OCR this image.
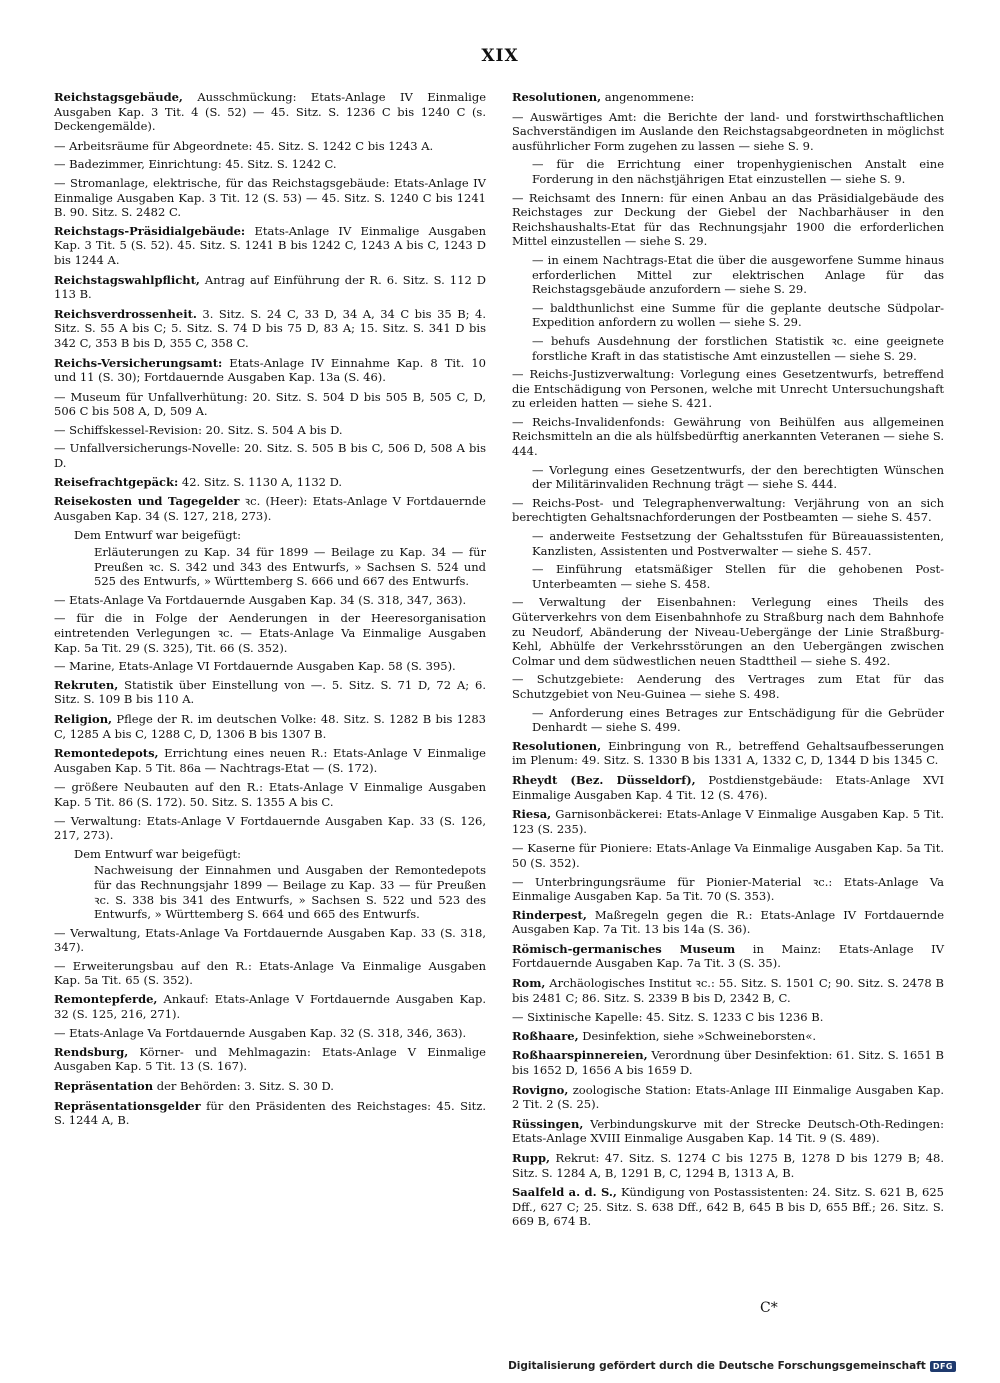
XIX
Reichstagsgebäude, Ausschmückung: Etats-Anlage IV Einmalige Ausgaben Kap. 3 Tit. 4 (S. 52) — 45. Sitz. S. 1236 C bis 1240 C (s. Deckengemälde).
— Arbeitsräume für Abgeordnete: 45. Sitz. S. 1242 C bis 1243 A.
— Badezimmer, Einrichtung: 45. Sitz. S. 1242 C.
— Stromanlage, elektrische, für das Reichstagsgebäude: Etats-Anlage IV Einmalige Ausgaben Kap. 3 Tit. 12 (S. 53) — 45. Sitz. S. 1240 C bis 1241 B. 90. Sitz. S. 2482 C.
Reichstags-Präsidialgebäude: Etats-Anlage IV Einmalige Ausgaben Kap. 3 Tit. 5 (S. 52). 45. Sitz. S. 1241 B bis 1242 C, 1243 A bis C, 1243 D bis 1244 A.
Reichstagswahlpflicht, Antrag auf Einführung der R. 6. Sitz. S. 112 D 113 B.
Reichsverdrossenheit. 3. Sitz. S. 24 C, 33 D, 34 A, 34 C bis 35 B; 4. Sitz. S. 55 A bis C; 5. Sitz. S. 74 D bis 75 D, 83 A; 15. Sitz. S. 341 D bis 342 C, 353 B bis D, 355 C, 358 C.
Reichs-Versicherungsamt: Etats-Anlage IV Einnahme Kap. 8 Tit. 10 und 11 (S. 30); Fortdauernde Ausgaben Kap. 13a (S. 46).
— Museum für Unfallverhütung: 20. Sitz. S. 504 D bis 505 B, 505 C, D, 506 C bis 508 A, D, 509 A.
— Schiffskessel-Revision: 20. Sitz. S. 504 A bis D.
— Unfallversicherungs-Novelle: 20. Sitz. S. 505 B bis C, 506 D, 508 A bis D.
Reisefrachtgepäck: 42. Sitz. S. 1130 A, 1132 D.
Reisekosten und Tagegelder ꝛc. (Heer): Etats-Anlage V Fortdauernde Ausgaben Kap. 34 (S. 127, 218, 273).
Dem Entwurf war beigefügt:
Erläuterungen zu Kap. 34 für 1899 — Beilage zu Kap. 34 — für Preußen ꝛc. S. 342 und 343 des Entwurfs, » Sachsen S. 524 und 525 des Entwurfs, » Württemberg S. 666 und 667 des Entwurfs.
— Etats-Anlage Va Fortdauernde Ausgaben Kap. 34 (S. 318, 347, 363).
— für die in Folge der Aenderungen in der Heeresorganisation eintretenden Verlegungen ꝛc. — Etats-Anlage Va Einmalige Ausgaben Kap. 5a Tit. 29 (S. 325), Tit. 66 (S. 352).
— Marine, Etats-Anlage VI Fortdauernde Ausgaben Kap. 58 (S. 395).
Rekruten, Statistik über Einstellung von —. 5. Sitz. S. 71 D, 72 A; 6. Sitz. S. 109 B bis 110 A.
Religion, Pflege der R. im deutschen Volke: 48. Sitz. S. 1282 B bis 1283 C, 1285 A bis C, 1288 C, D, 1306 B bis 1307 B.
Remontedepots, Errichtung eines neuen R.: Etats-Anlage V Einmalige Ausgaben Kap. 5 Tit. 86a — Nachtrags-Etat — (S. 172).
— größere Neubauten auf den R.: Etats-Anlage V Einmalige Ausgaben Kap. 5 Tit. 86 (S. 172). 50. Sitz. S. 1355 A bis C.
— Verwaltung: Etats-Anlage V Fortdauernde Ausgaben Kap. 33 (S. 126, 217, 273).
Dem Entwurf war beigefügt:
Nachweisung der Einnahmen und Ausgaben der Remontedepots für das Rechnungsjahr 1899 — Beilage zu Kap. 33 — für Preußen ꝛc. S. 338 bis 341 des Entwurfs, » Sachsen S. 522 und 523 des Entwurfs, » Württemberg S. 664 und 665 des Entwurfs.
— Verwaltung, Etats-Anlage Va Fortdauernde Ausgaben Kap. 33 (S. 318, 347).
— Erweiterungsbau auf den R.: Etats-Anlage Va Einmalige Ausgaben Kap. 5a Tit. 65 (S. 352).
Remontepferde, Ankauf: Etats-Anlage V Fortdauernde Ausgaben Kap. 32 (S. 125, 216, 271).
— Etats-Anlage Va Fortdauernde Ausgaben Kap. 32 (S. 318, 346, 363).
Rendsburg, Körner- und Mehlmagazin: Etats-Anlage V Einmalige Ausgaben Kap. 5 Tit. 13 (S. 167).
Repräsentation der Behörden: 3. Sitz. S. 30 D.
Repräsentationsgelder für den Präsidenten des Reichstages: 45. Sitz. S. 1244 A, B.
Resolutionen, angenommene:
— Auswärtiges Amt: die Berichte der land- und forstwirthschaftlichen Sachverständigen im Auslande den Reichstagsabgeordneten in möglichst ausführlicher Form zugehen zu lassen — siehe S. 9.
— für die Errichtung einer tropenhygienischen Anstalt eine Forderung in den nächstjährigen Etat einzustellen — siehe S. 9.
— Reichsamt des Innern: für einen Anbau an das Präsidialgebäude des Reichstages zur Deckung der Giebel der Nachbarhäuser in den Reichshaushalts-Etat für das Rechnungsjahr 1900 die erforderlichen Mittel einzustellen — siehe S. 29.
— in einem Nachtrags-Etat die über die ausgeworfene Summe hinaus erforderlichen Mittel zur elektrischen Anlage für das Reichstagsgebäude anzufordern — siehe S. 29.
— baldthunlichst eine Summe für die geplante deutsche Südpolar-Expedition anfordern zu wollen — siehe S. 29.
— behufs Ausdehnung der forstlichen Statistik ꝛc. eine geeignete forstliche Kraft in das statistische Amt einzustellen — siehe S. 29.
— Reichs-Justizverwaltung: Vorlegung eines Gesetzentwurfs, betreffend die Entschädigung von Personen, welche mit Unrecht Untersuchungshaft zu erleiden hatten — siehe S. 421.
— Reichs-Invalidenfonds: Gewährung von Beihülfen aus allgemeinen Reichsmitteln an die als hülfsbedürftig anerkannten Veteranen — siehe S. 444.
— Vorlegung eines Gesetzentwurfs, der den berechtigten Wünschen der Militärinvaliden Rechnung trägt — siehe S. 444.
— Reichs-Post- und Telegraphenverwaltung: Verjährung von an sich berechtigten Gehaltsnachforderungen der Postbeamten — siehe S. 457.
— anderweite Festsetzung der Gehaltsstufen für Büreauassistenten, Kanzlisten, Assistenten und Postverwalter — siehe S. 457.
— Einführung etatsmäßiger Stellen für die gehobenen Post-Unterbeamten — siehe S. 458.
— Verwaltung der Eisenbahnen: Verlegung eines Theils des Güterverkehrs von dem Eisenbahnhofe zu Straßburg nach dem Bahnhofe zu Neudorf, Abänderung der Niveau-Uebergänge der Linie Straßburg-Kehl, Abhülfe der Verkehrsstörungen an den Uebergängen zwischen Colmar und dem südwestlichen neuen Stadttheil — siehe S. 492.
— Schutzgebiete: Aenderung des Vertrages zum Etat für das Schutzgebiet von Neu-Guinea — siehe S. 498.
— Anforderung eines Betrages zur Entschädigung für die Gebrüder Denhardt — siehe S. 499.
Resolutionen, Einbringung von R., betreffend Gehaltsaufbesserungen im Plenum: 49. Sitz. S. 1330 B bis 1331 A, 1332 C, D, 1344 D bis 1345 C.
Rheydt (Bez. Düsseldorf), Postdienstgebäude: Etats-Anlage XVI Einmalige Ausgaben Kap. 4 Tit. 12 (S. 476).
Riesa, Garnisonbäckerei: Etats-Anlage V Einmalige Ausgaben Kap. 5 Tit. 123 (S. 235).
— Kaserne für Pioniere: Etats-Anlage Va Einmalige Ausgaben Kap. 5a Tit. 50 (S. 352).
— Unterbringungsräume für Pionier-Material ꝛc.: Etats-Anlage Va Einmalige Ausgaben Kap. 5a Tit. 70 (S. 353).
Rinderpest, Maßregeln gegen die R.: Etats-Anlage IV Fortdauernde Ausgaben Kap. 7a Tit. 13 bis 14a (S. 36).
Römisch-germanisches Museum in Mainz: Etats-Anlage IV Fortdauernde Ausgaben Kap. 7a Tit. 3 (S. 35).
Rom, Archäologisches Institut ꝛc.: 55. Sitz. S. 1501 C; 90. Sitz. S. 2478 B bis 2481 C; 86. Sitz. S. 2339 B bis D, 2342 B, C.
— Sixtinische Kapelle: 45. Sitz. S. 1233 C bis 1236 B.
Roßhaare, Desinfektion, siehe »Schweineborsten«.
Roßhaarspinnereien, Verordnung über Desinfektion: 61. Sitz. S. 1651 B bis 1652 D, 1656 A bis 1659 D.
Rovigno, zoologische Station: Etats-Anlage III Einmalige Ausgaben Kap. 2 Tit. 2 (S. 25).
Rüssingen, Verbindungskurve mit der Strecke Deutsch-Oth-Redingen: Etats-Anlage XVIII Einmalige Ausgaben Kap. 14 Tit. 9 (S. 489).
Rupp, Rekrut: 47. Sitz. S. 1274 C bis 1275 B, 1278 D bis 1279 B; 48. Sitz. S. 1284 A, B, 1291 B, C, 1294 B, 1313 A, B.
Saalfeld a. d. S., Kündigung von Postassistenten: 24. Sitz. S. 621 B, 625 Dff., 627 C; 25. Sitz. S. 638 Dff., 642 B, 645 B bis D, 655 Bff.; 26. Sitz. S. 669 B, 674 B.
C*
Digitalisierung gefördert durch die Deutsche Forschungsgemeinschaft DFG
